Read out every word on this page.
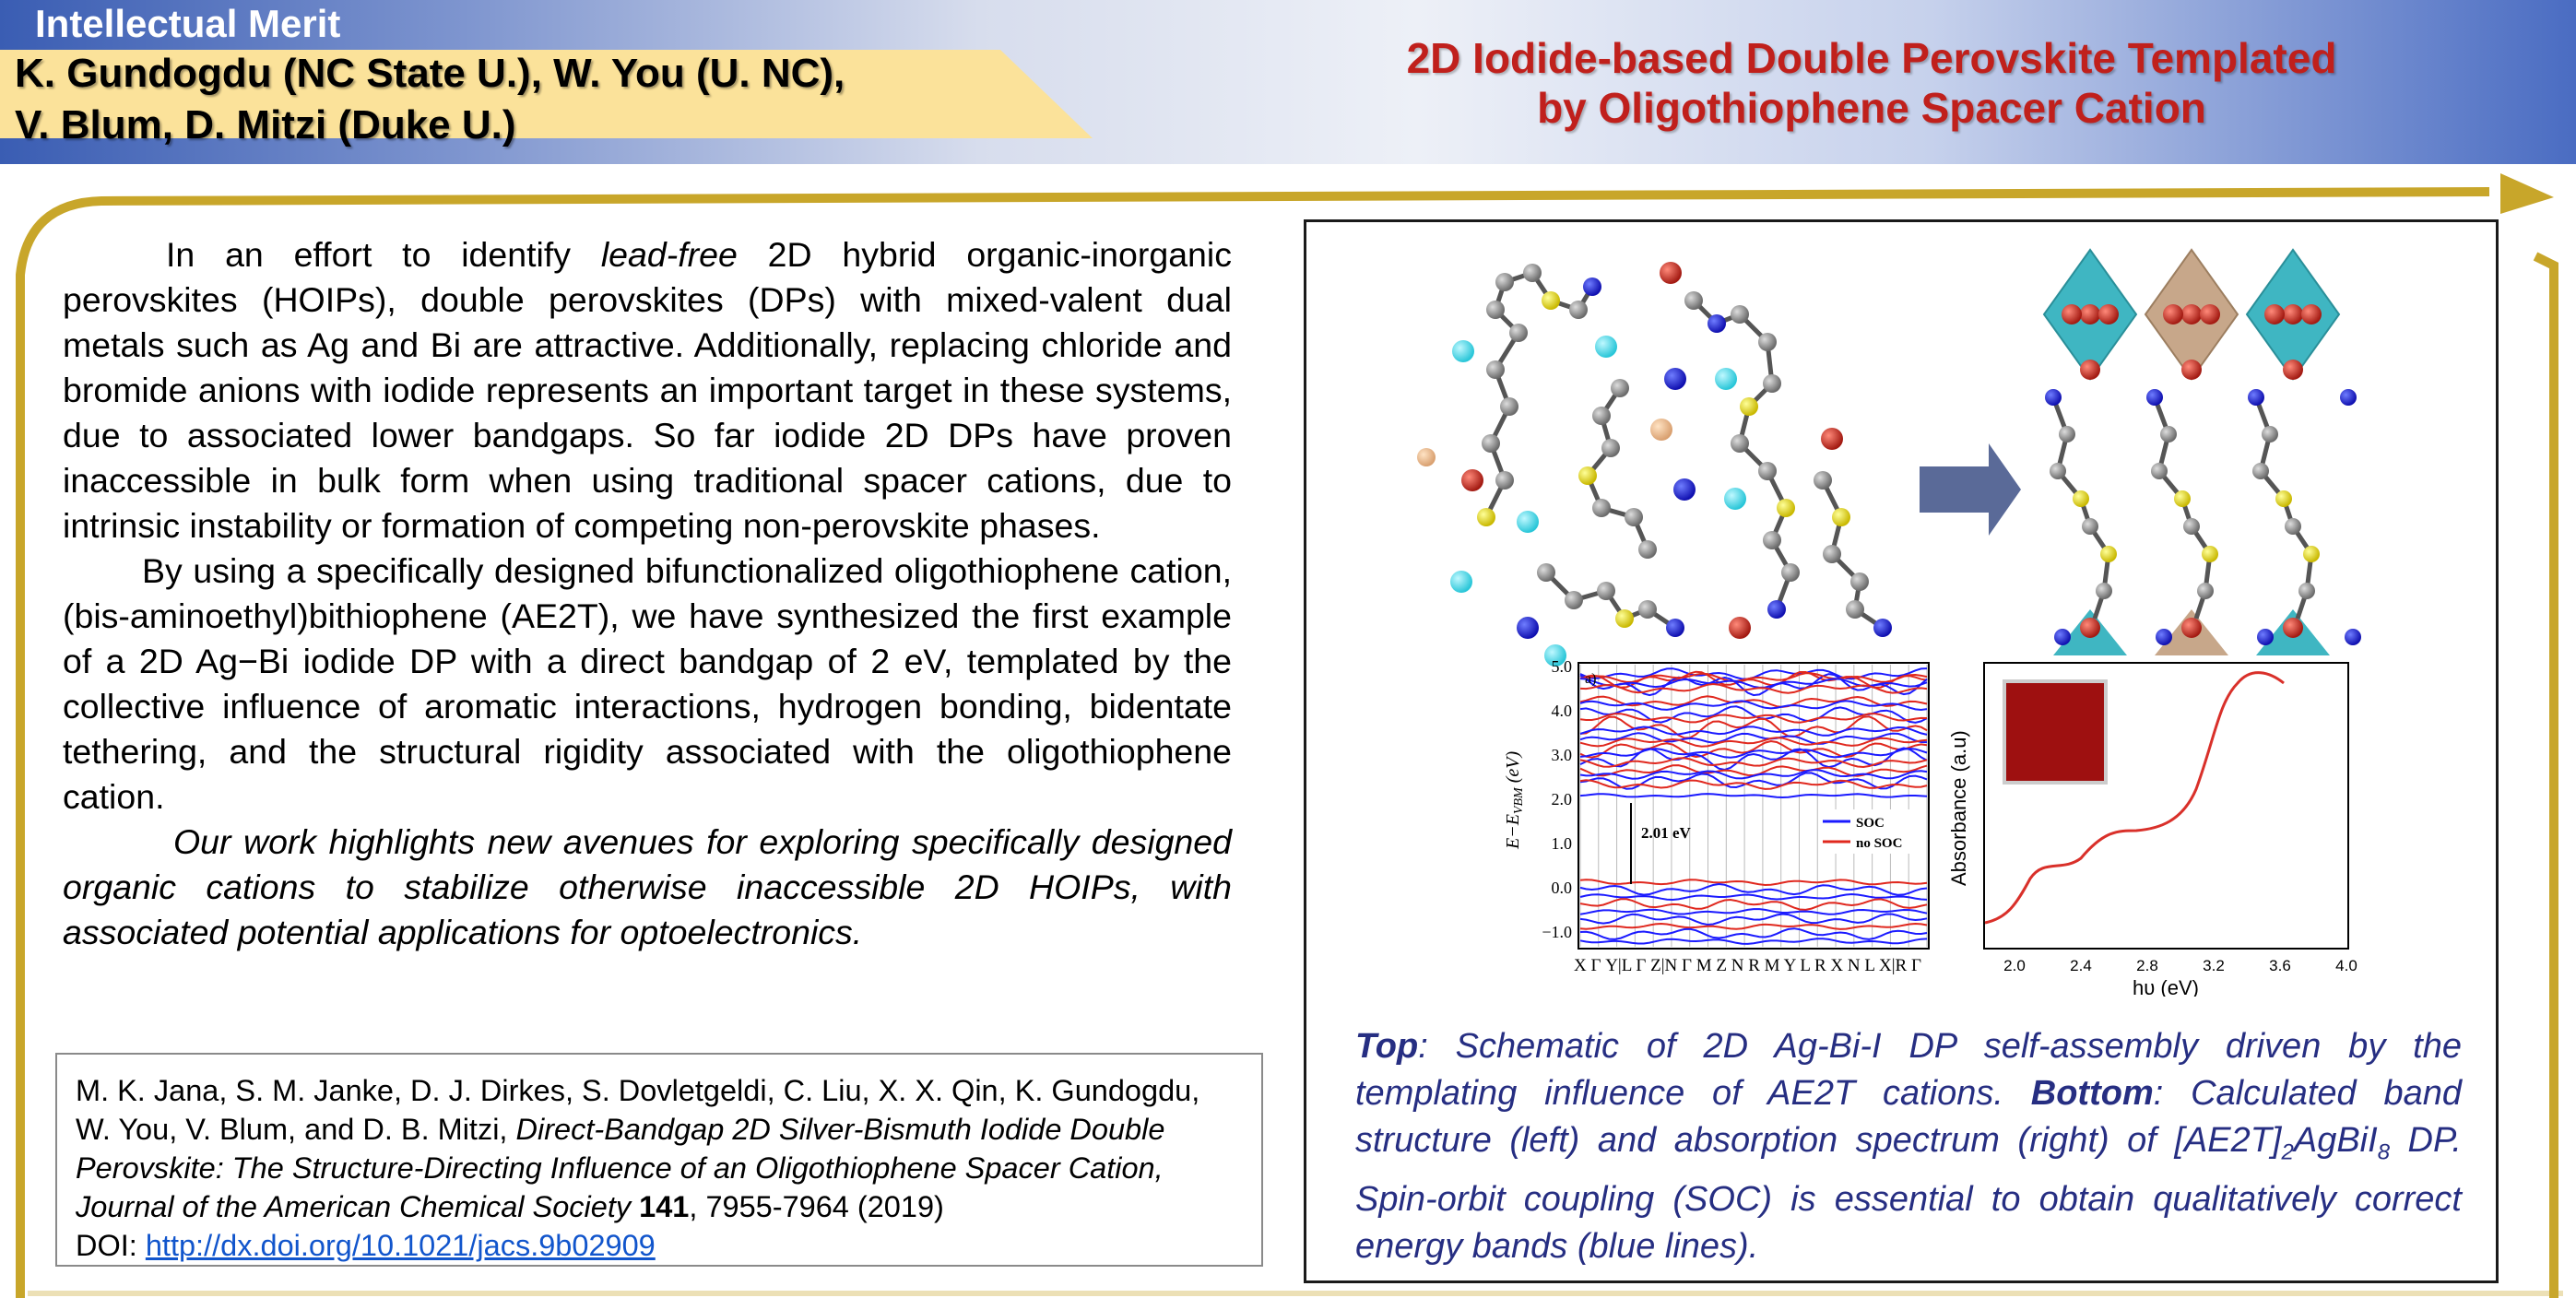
Intellectual Merit
K. Gundogdu (NC State U.), W. You (U. NC),
V. Blum, D. Mitzi (Duke U.)
2D Iodide-based Double Perovskite Templated
by Oligothiophene Spacer Cation

In an effort to identify lead-free 2D hybrid organic-inorganic perovskites (HOIPs), double perovskites (DPs) with mixed-valent dual metals such as Ag and Bi are attractive. Additionally, replacing chloride and bromide anions with iodide represents an important target in these systems, due to associated lower bandgaps. So far iodide 2D DPs have proven inaccessible in bulk form when using traditional spacer cations, due to intrinsic instability or formation of competing non-perovskite phases.

By using a specifically designed bifunctionalized oligothiophene cation, (bis-aminoethyl)bithiophene (AE2T), we have synthesized the first example of a 2D Ag−Bi iodide DP with a direct bandgap of 2 eV, templated by the collective influence of aromatic interactions, hydrogen bonding, bidentate tethering, and the structural rigidity associated with the oligothiophene cation.

Our work highlights new avenues for exploring specifically designed organic cations to stabilize otherwise inaccessible 2D HOIPs, with associated potential applications for optoelectronics.

M. K. Jana, S. M. Janke, D. J. Dirkes, S. Dovletgeldi, C. Liu, X. X. Qin, K. Gundogdu, W. You, V. Blum, and D. B. Mitzi, Direct-Bandgap 2D Silver-Bismuth Iodide Double Perovskite: The Structure-Directing Influence of an Oligothiophene Spacer Cation, Journal of the American Chemical Society 141, 7955-7964 (2019)
DOI: http://dx.doi.org/10.1021/jacs.9b02909
a)
5.0
4.0
3.0
2.0
1.0
0.0
−1.0
$E-E_{VBM}$ (eV)
X Γ Y|L Γ Z|N Γ M Z N R M Y L R X N L X|R Γ
2.01 eV
SOC
no SOC Absorbance (a.u)
2.0	2.4	2.8	3.2	3.6	4.0
hυ (eV)
Top: Schematic of 2D Ag-Bi-I DP self-assembly driven by the templating influence of AE2T cations. Bottom: Calculated band structure (left) and absorption spectrum (right) of $[AE2T]_2AgBiI_8$ DP. Spin-orbit coupling (SOC) is essential to obtain qualitatively correct energy bands (blue lines).
